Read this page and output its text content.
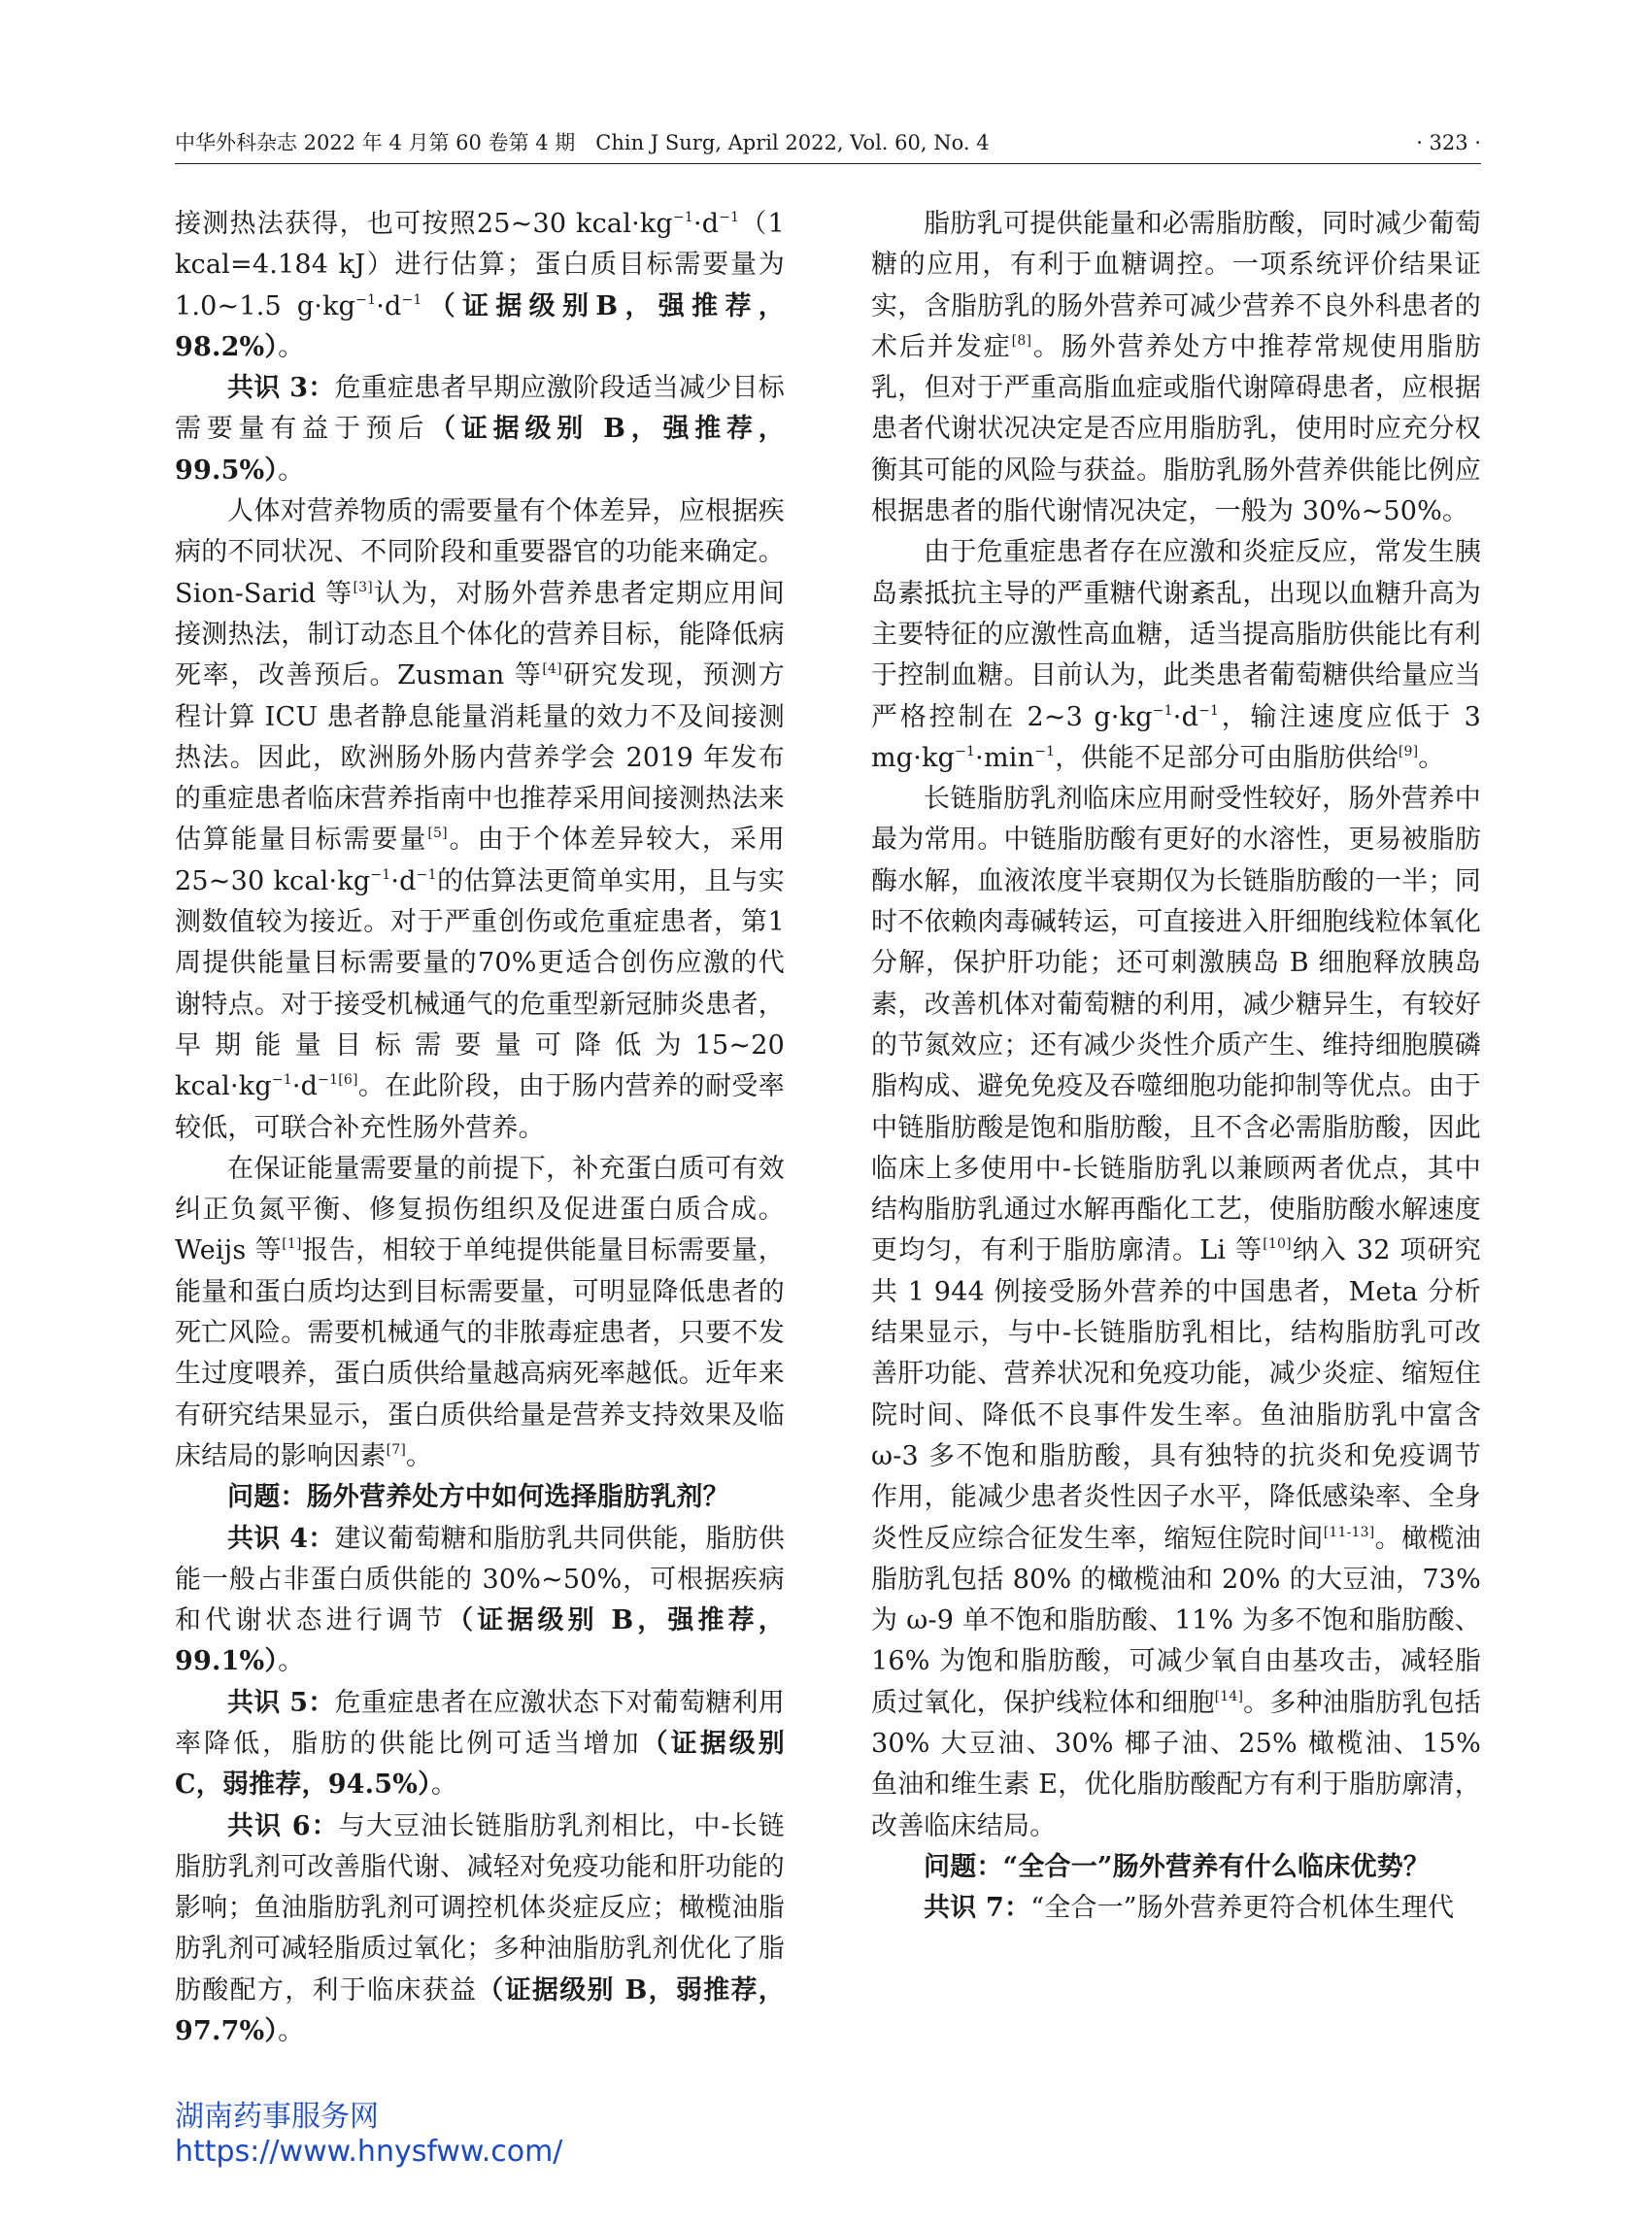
中华外科杂志 2022 年 4 月第 60 卷第 4 期　Chin J Surg, April 2022, Vol. 60, No. 4	· 323 ·

接测热法获得，也可按照25~30 $kcal\cdot kg^{-1}\cdot d^{-1}(1$ kcal=4.184 kJ）进行估算；蛋白质目标需要量为 1.0~1.5 $g\cdot kg^{-1}\cdot d^{-1}$（证据级别B，强推荐，98.2%）。

共识 3：危重症患者早期应激阶段适当减少目标需要量有益于预后（证据级别 B，强推荐，99.5%）。

人体对营养物质的需要量有个体差异，应根据疾病的不同状况、不同阶段和重要器官的功能来确定。Sion-Sarid 等[3]认为，对肠外营养患者定期应用间接测热法，制订动态且个体化的营养目标，能降低病死率，改善预后。Zusman 等[4]研究发现，预测方程计算 ICU 患者静息能量消耗量的效力不及间接测热法。因此，欧洲肠外肠内营养学会 2019 年发布的重症患者临床营养指南中也推荐采用间接测热法来估算能量目标需要量[5]。由于个体差异较大，采用25~30 $kcal\cdot kg^{-1}\cdot d^{-1}$的估算法更简单实用，且与实测数值较为接近。对于严重创伤或危重症患者，第1周提供能量目标需要量的70%更适合创伤应激的代谢特点。对于接受机械通气的危重型新冠肺炎患者，早期能量目标需要量可降低为15~20 $kcal\cdot kg^{-1}\cdot d^{-1[6]}$。在此阶段，由于肠内营养的耐受率较低，可联合补充性肠外营养。

在保证能量需要量的前提下，补充蛋白质可有效纠正负氮平衡、修复损伤组织及促进蛋白质合成。Weijs 等[1]报告，相较于单纯提供能量目标需要量，能量和蛋白质均达到目标需要量，可明显降低患者的死亡风险。需要机械通气的非脓毒症患者，只要不发生过度喂养，蛋白质供给量越高病死率越低。近年来有研究结果显示，蛋白质供给量是营养支持效果及临床结局的影响因素[7]。

问题：肠外营养处方中如何选择脂肪乳剂？

共识 4：建议葡萄糖和脂肪乳共同供能，脂肪供能一般占非蛋白质供能的 30%~50%，可根据疾病和代谢状态进行调节（证据级别 B，强推荐，99.1%）。

共识 5：危重症患者在应激状态下对葡萄糖利用率降低，脂肪的供能比例可适当增加（证据级别 C，弱推荐，94.5%）。

共识 6：与大豆油长链脂肪乳剂相比，中-长链脂肪乳剂可改善脂代谢、减轻对免疫功能和肝功能的影响；鱼油脂肪乳剂可调控机体炎症反应；橄榄油脂肪乳剂可减轻脂质过氧化；多种油脂肪乳剂优化了脂肪酸配方，利于临床获益（证据级别 B，弱推荐，97.7%）。

脂肪乳可提供能量和必需脂肪酸，同时减少葡萄糖的应用，有利于血糖调控。一项系统评价结果证实，含脂肪乳的肠外营养可减少营养不良外科患者的术后并发症[8]。肠外营养处方中推荐常规使用脂肪乳，但对于严重高脂血症或脂代谢障碍患者，应根据患者代谢状况决定是否应用脂肪乳，使用时应充分权衡其可能的风险与获益。脂肪乳肠外营养供能比例应根据患者的脂代谢情况决定，一般为 30%~50%。

由于危重症患者存在应激和炎症反应，常发生胰岛素抵抗主导的严重糖代谢紊乱，出现以血糖升高为主要特征的应激性高血糖，适当提高脂肪供能比有利于控制血糖。目前认为，此类患者葡萄糖供给量应当严格控制在 2~3 $g\cdot kg^{-1}\cdot d^{-1}$，输注速度应低于 3 $mg\cdot kg^{-1}\cdot\min^{-1}$，供能不足部分可由脂肪供给[9]。

长链脂肪乳剂临床应用耐受性较好，肠外营养中最为常用。中链脂肪酸有更好的水溶性，更易被脂肪酶水解，血液浓度半衰期仅为长链脂肪酸的一半；同时不依赖肉毒碱转运，可直接进入肝细胞线粒体氧化分解，保护肝功能；还可刺激胰岛 B 细胞释放胰岛素，改善机体对葡萄糖的利用，减少糖异生，有较好的节氮效应；还有减少炎性介质产生、维持细胞膜磷脂构成、避免免疫及吞噬细胞功能抑制等优点。由于中链脂肪酸是饱和脂肪酸，且不含必需脂肪酸，因此临床上多使用中-长链脂肪乳以兼顾两者优点，其中结构脂肪乳通过水解再酯化工艺，使脂肪酸水解速度更均匀，有利于脂肪廓清。Li 等[10]纳入 32 项研究共 1 944 例接受肠外营养的中国患者，Meta 分析结果显示，与中-长链脂肪乳相比，结构脂肪乳可改善肝功能、营养状况和免疫功能，减少炎症、缩短住院时间、降低不良事件发生率。鱼油脂肪乳中富含 ω-3 多不饱和脂肪酸，具有独特的抗炎和免疫调节作用，能减少患者炎性因子水平，降低感染率、全身炎性反应综合征发生率，缩短住院时间[11-13]。橄榄油脂肪乳包括 80% 的橄榄油和 20% 的大豆油，73% 为 ω-9 单不饱和脂肪酸、11% 为多不饱和脂肪酸、16% 为饱和脂肪酸，可减少氧自由基攻击，减轻脂质过氧化，保护线粒体和细胞[14]。多种油脂肪乳包括 30% 大豆油、30% 椰子油、25% 橄榄油、15% 鱼油和维生素 E，优化脂肪酸配方有利于脂肪廓清，改善临床结局。

问题：“全合一”肠外营养有什么临床优势？

共识 7：“全合一”肠外营养更符合机体生理代

湖南药事服务网
https://www.hnysfww.com/
